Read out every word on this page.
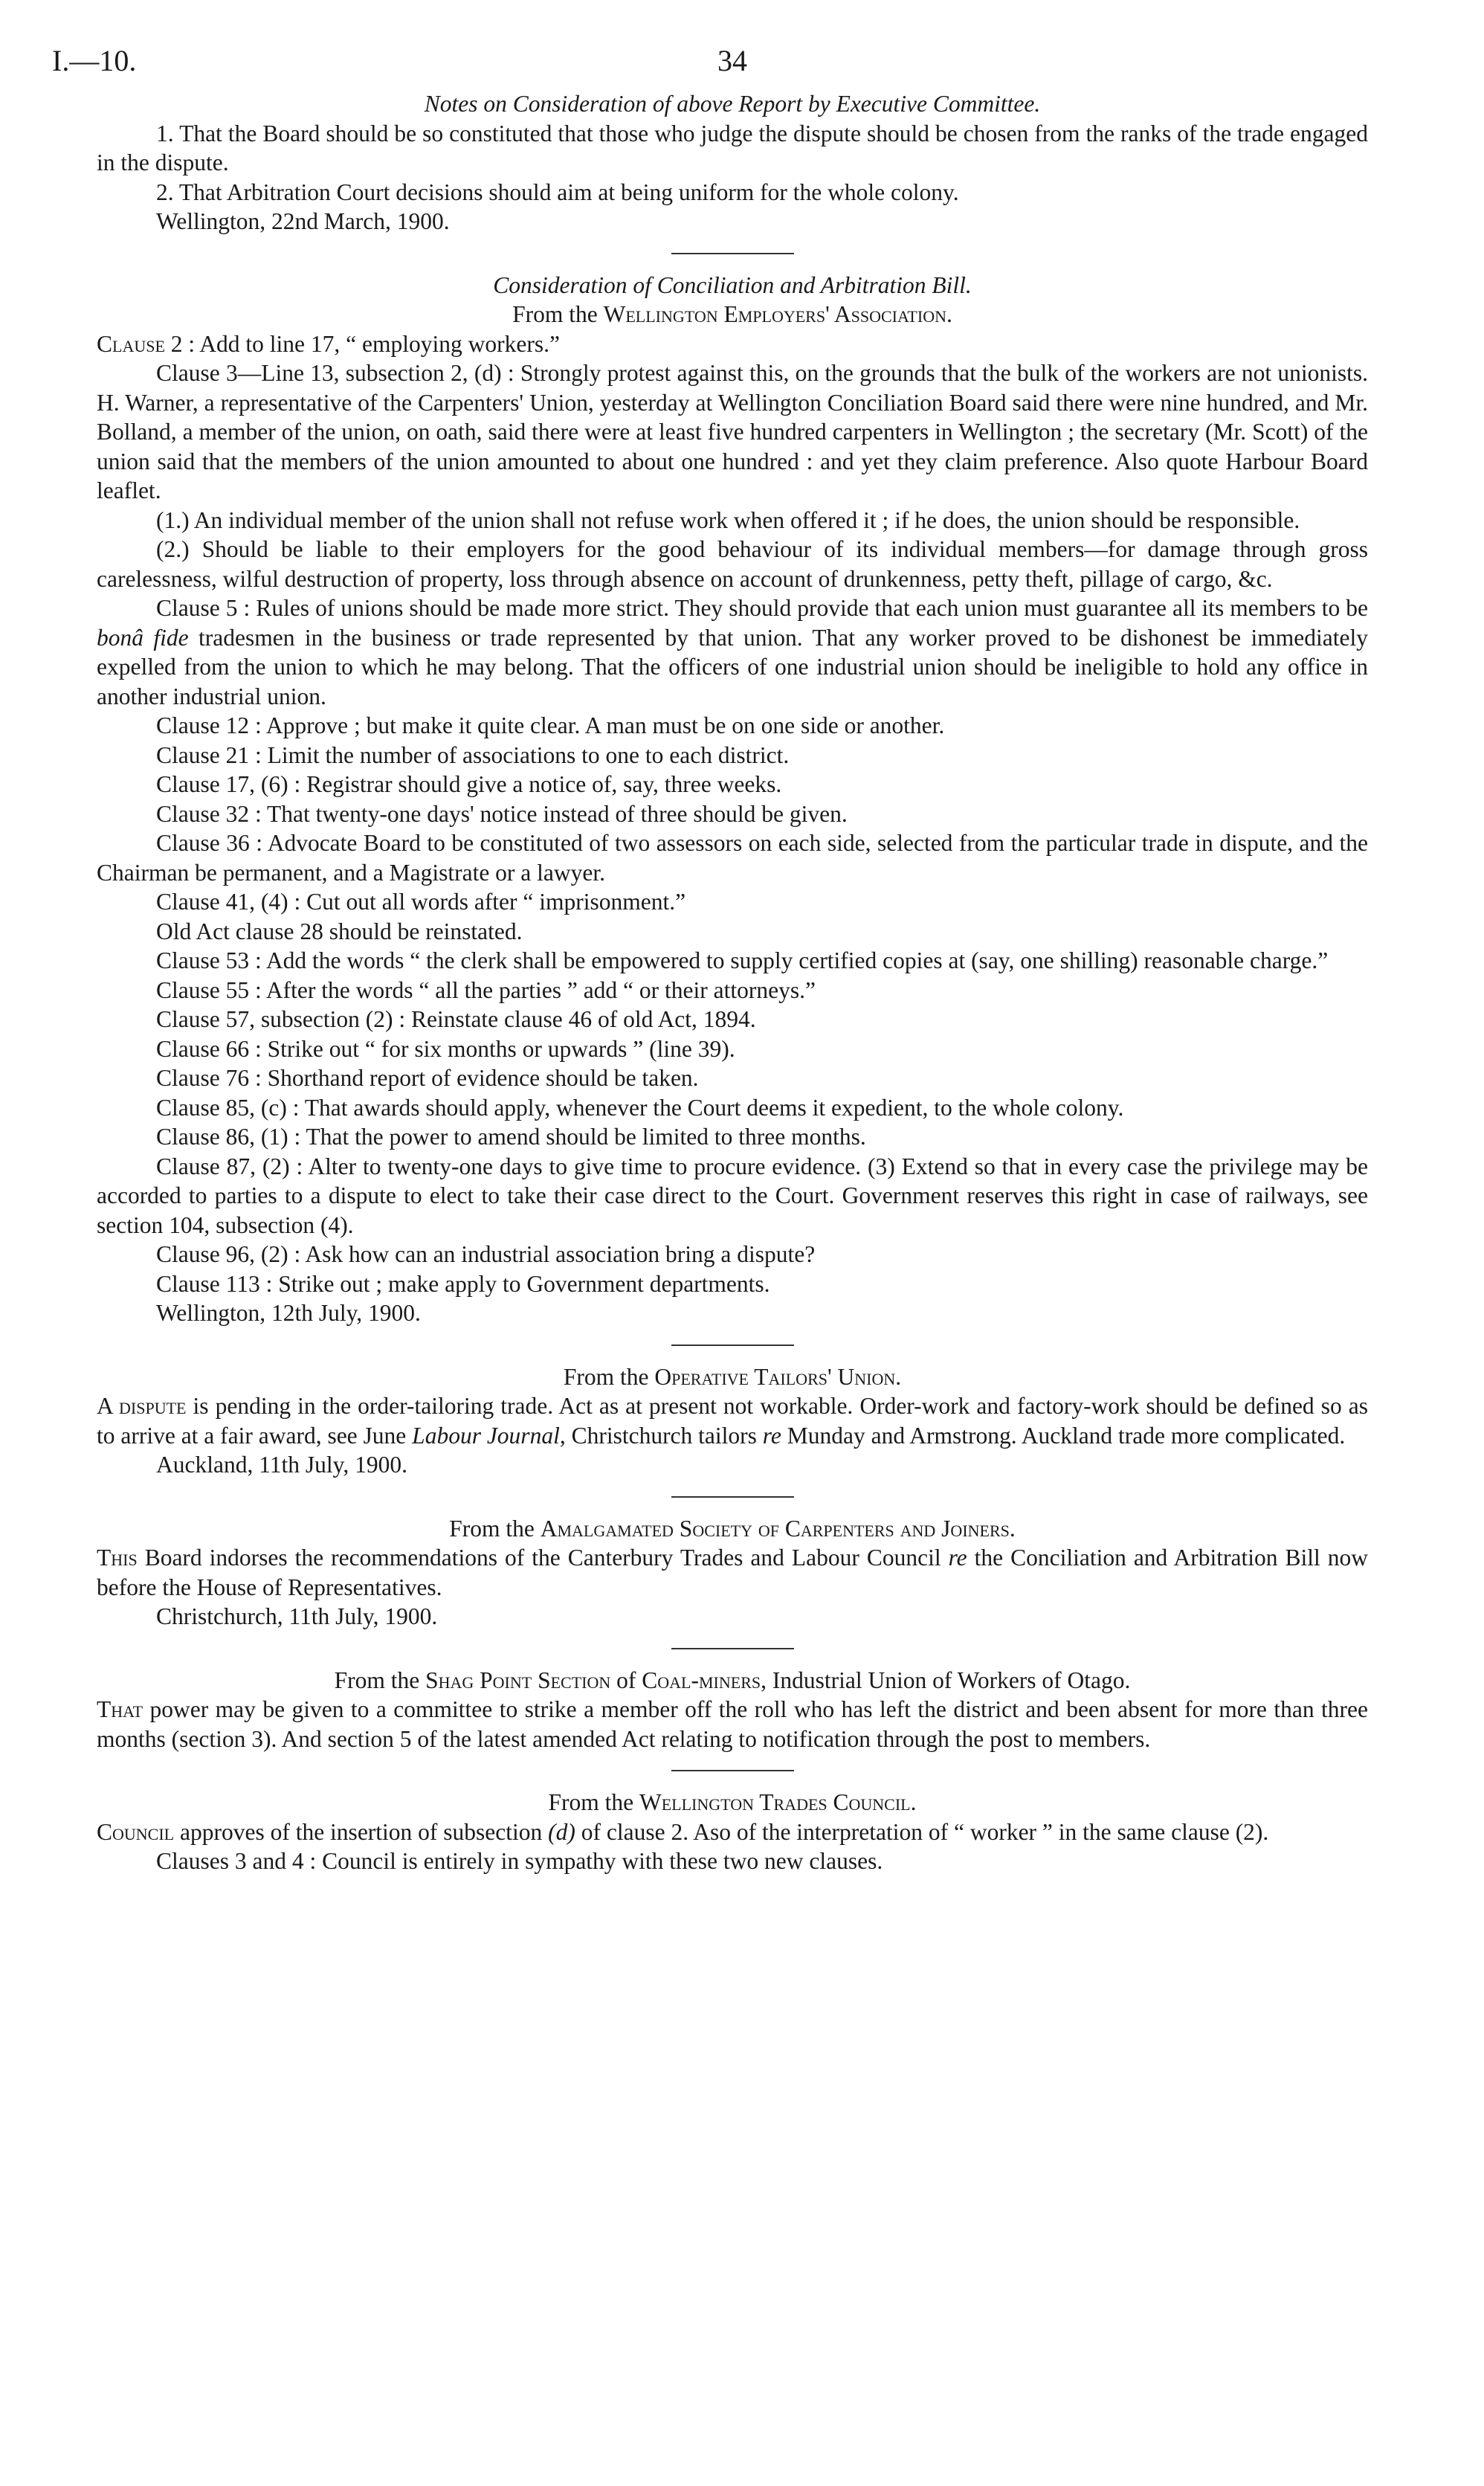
I.—10.	34

Notes on Consideration of above Report by Executive Committee.

1. That the Board should be so constituted that those who judge the dispute should be chosen from the ranks of the trade engaged in the dispute.

2. That Arbitration Court decisions should aim at being uniform for the whole colony.

Wellington, 22nd March, 1900.

Consideration of Conciliation and Arbitration Bill.

From the Wellington Employers' Association.

Clause 2 : Add to line 17, “ employing workers.”

Clause 3—Line 13, subsection 2, (d) : Strongly protest against this, on the grounds that the bulk of the workers are not unionists. H. Warner, a representative of the Carpenters' Union, yesterday at Wellington Conciliation Board said there were nine hundred, and Mr. Bolland, a member of the union, on oath, said there were at least five hundred carpenters in Wellington ; the secretary (Mr. Scott) of the union said that the members of the union amounted to about one hundred : and yet they claim preference. Also quote Harbour Board leaflet.

(1.) An individual member of the union shall not refuse work when offered it ; if he does, the union should be responsible.

(2.) Should be liable to their employers for the good behaviour of its individual members—for damage through gross carelessness, wilful destruction of property, loss through absence on account of drunkenness, petty theft, pillage of cargo, &c.

Clause 5 : Rules of unions should be made more strict. They should provide that each union must guarantee all its members to be bonâ fide tradesmen in the business or trade represented by that union. That any worker proved to be dishonest be immediately expelled from the union to which he may belong. That the officers of one industrial union should be ineligible to hold any office in another industrial union.

Clause 12 : Approve ; but make it quite clear. A man must be on one side or another.

Clause 21 : Limit the number of associations to one to each district.

Clause 17, (6) : Registrar should give a notice of, say, three weeks.

Clause 32 : That twenty-one days' notice instead of three should be given.

Clause 36 : Advocate Board to be constituted of two assessors on each side, selected from the particular trade in dispute, and the Chairman be permanent, and a Magistrate or a lawyer.

Clause 41, (4) : Cut out all words after “ imprisonment.”

Old Act clause 28 should be reinstated.

Clause 53 : Add the words “ the clerk shall be empowered to supply certified copies at (say, one shilling) reasonable charge.”

Clause 55 : After the words “ all the parties ” add “ or their attorneys.”

Clause 57, subsection (2) : Reinstate clause 46 of old Act, 1894.

Clause 66 : Strike out “ for six months or upwards ” (line 39).

Clause 76 : Shorthand report of evidence should be taken.

Clause 85, (c) : That awards should apply, whenever the Court deems it expedient, to the whole colony.

Clause 86, (1) : That the power to amend should be limited to three months.

Clause 87, (2) : Alter to twenty-one days to give time to procure evidence. (3) Extend so that in every case the privilege may be accorded to parties to a dispute to elect to take their case direct to the Court. Government reserves this right in case of railways, see section 104, subsection (4).

Clause 96, (2) : Ask how can an industrial association bring a dispute?

Clause 113 : Strike out ; make apply to Government departments.

Wellington, 12th July, 1900.

From the Operative Tailors' Union.

A dispute is pending in the order-tailoring trade. Act as at present not workable. Order-work and factory-work should be defined so as to arrive at a fair award, see June Labour Journal, Christchurch tailors re Munday and Armstrong. Auckland trade more complicated.

Auckland, 11th July, 1900.

From the Amalgamated Society of Carpenters and Joiners.

This Board indorses the recommendations of the Canterbury Trades and Labour Council re the Conciliation and Arbitration Bill now before the House of Representatives.

Christchurch, 11th July, 1900.

From the Shag Point Section of Coal-miners, Industrial Union of Workers of Otago.

That power may be given to a committee to strike a member off the roll who has left the district and been absent for more than three months (section 3). And section 5 of the latest amended Act relating to notification through the post to members.

From the Wellington Trades Council.

Council approves of the insertion of subsection (d) of clause 2. Aso of the interpretation of “ worker ” in the same clause (2).

Clauses 3 and 4 : Council is entirely in sympathy with these two new clauses.
